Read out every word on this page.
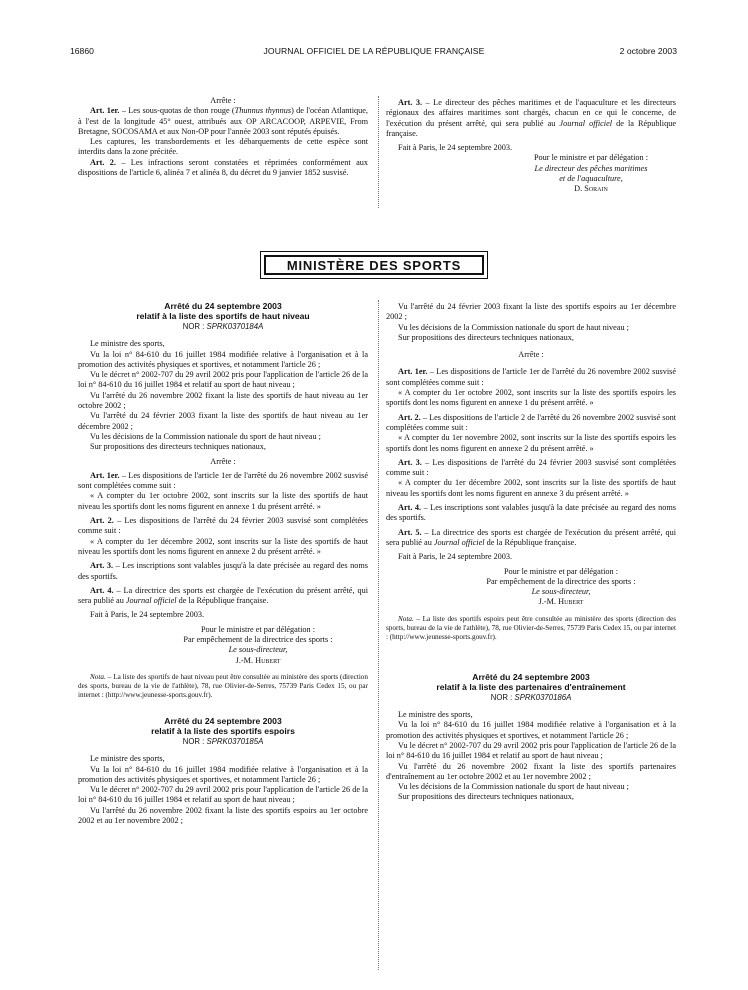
16860	JOURNAL OFFICIEL DE LA RÉPUBLIQUE FRANÇAISE	2 octobre 2003

Arrête :

Art. 1er. – Les sous-quotas de thon rouge (Thunnus thynnus) de l'océan Atlantique, à l'est de la longitude 45° ouest, attribués aux OP ARCACOOP, ARPEVIE, From Bretagne, SOCOSAMA et aux Non-OP pour l'année 2003 sont réputés épuisés.

Les captures, les transbordements et les débarquements de cette espèce sont interdits dans la zone précitée.

Art. 2. – Les infractions seront constatées et réprimées conformément aux dispositions de l'article 6, alinéa 7 et alinéa 8, du décret du 9 janvier 1852 susvisé.

Art. 3. – Le directeur des pêches maritimes et de l'aquaculture et les directeurs régionaux des affaires maritimes sont chargés, chacun en ce qui le concerne, de l'exécution du présent arrêté, qui sera publié au Journal officiel de la République française.

Fait à Paris, le 24 septembre 2003.

Pour le ministre et par délégation :

Le directeur des pêches maritimes

et de l'aquaculture,

D. Sorain

MINISTÈRE DES SPORTS

Arrêté du 24 septembre 2003

relatif à la liste des sportifs de haut niveau

NOR : SPRK0370184A

Le ministre des sports,

Vu la loi n° 84-610 du 16 juillet 1984 modifiée relative à l'organisation et à la promotion des activités physiques et sportives, et notamment l'article 26 ;

Vu le décret n° 2002-707 du 29 avril 2002 pris pour l'application de l'article 26 de la loi n° 84-610 du 16 juillet 1984 et relatif au sport de haut niveau ;

Vu l'arrêté du 26 novembre 2002 fixant la liste des sportifs de haut niveau au 1er octobre 2002 ;

Vu l'arrêté du 24 février 2003 fixant la liste des sportifs de haut niveau au 1er décembre 2002 ;

Vu les décisions de la Commission nationale du sport de haut niveau ;

Sur propositions des directeurs techniques nationaux,

Arrête :

Art. 1er. – Les dispositions de l'article 1er de l'arrêté du 26 novembre 2002 susvisé sont complétées comme suit :

« A compter du 1er octobre 2002, sont inscrits sur la liste des sportifs de haut niveau les sportifs dont les noms figurent en annexe 1 du présent arrêté. »

Art. 2. – Les dispositions de l'arrêté du 24 février 2003 susvisé sont complétées comme suit :

« A compter du 1er décembre 2002, sont inscrits sur la liste des sportifs de haut niveau les sportifs dont les noms figurent en annexe 2 du présent arrêté. »

Art. 3. – Les inscriptions sont valables jusqu'à la date précisée au regard des noms des sportifs.

Art. 4. – La directrice des sports est chargée de l'exécution du présent arrêté, qui sera publié au Journal officiel de la République française.

Fait à Paris, le 24 septembre 2003.

Pour le ministre et par délégation :

Par empêchement de la directrice des sports :

Le sous-directeur,

J.-M. Hubert

Nota. – La liste des sportifs de haut niveau peut être consultée au ministère des sports (direction des sports, bureau de la vie de l'athlète), 78, rue Olivier-de-Serres, 75739 Paris Cedex 15, ou par internet : (http://www.jeunesse-sports.gouv.fr).

Arrêté du 24 septembre 2003

relatif à la liste des sportifs espoirs

NOR : SPRK0370185A

Le ministre des sports,

Vu la loi n° 84-610 du 16 juillet 1984 modifiée relative à l'organisation et à la promotion des activités physiques et sportives, et notamment l'article 26 ;

Vu le décret n° 2002-707 du 29 avril 2002 pris pour l'application de l'article 26 de la loi n° 84-610 du 16 juillet 1984 et relatif au sport de haut niveau ;

Vu l'arrêté du 26 novembre 2002 fixant la liste des sportifs espoirs au 1er octobre 2002 et au 1er novembre 2002 ;

Vu l'arrêté du 24 février 2003 fixant la liste des sportifs espoirs au 1er décembre 2002 ;

Vu les décisions de la Commission nationale du sport de haut niveau ;

Sur propositions des directeurs techniques nationaux,

Arrête :

Art. 1er. – Les dispositions de l'article 1er de l'arrêté du 26 novembre 2002 susvisé sont complétées comme suit :

« A compter du 1er octobre 2002, sont inscrits sur la liste des sportifs espoirs les sportifs dont les noms figurent en annexe 1 du présent arrêté. »

Art. 2. – Les dispositions de l'article 2 de l'arrêté du 26 novembre 2002 susvisé sont complétées comme suit :

« A compter du 1er novembre 2002, sont inscrits sur la liste des sportifs espoirs les sportifs dont les noms figurent en annexe 2 du présent arrêté. »

Art. 3. – Les dispositions de l'arrêté du 24 février 2003 susvisé sont complétées comme suit :

« A compter du 1er décembre 2002, sont inscrits sur la liste des sportifs de haut niveau les sportifs dont les noms figurent en annexe 3 du présent arrêté. »

Art. 4. – Les inscriptions sont valables jusqu'à la date précisée au regard des noms des sportifs.

Art. 5. – La directrice des sports est chargée de l'exécution du présent arrêté, qui sera publié au Journal officiel de la République française.

Fait à Paris, le 24 septembre 2003.

Pour le ministre et par délégation :

Par empêchement de la directrice des sports :

Le sous-directeur,

J.-M. Hubert

Nota. – La liste des sportifs espoirs peut être consultée au ministère des sports (direction des sports, bureau de la vie de l'athlète), 78, rue Olivier-de-Serres, 75739 Paris Cedex 15, ou par internet : (http://www.jeunesse-sports.gouv.fr).

Arrêté du 24 septembre 2003

relatif à la liste des partenaires d'entraînement

NOR : SPRK0370186A

Le ministre des sports,

Vu la loi n° 84-610 du 16 juillet 1984 modifiée relative à l'organisation et à la promotion des activités physiques et sportives, et notamment l'article 26 ;

Vu le décret n° 2002-707 du 29 avril 2002 pris pour l'application de l'article 26 de la loi n° 84-610 du 16 juillet 1984 et relatif au sport de haut niveau ;

Vu l'arrêté du 26 novembre 2002 fixant la liste des sportifs partenaires d'entraînement au 1er octobre 2002 et au 1er novembre 2002 ;

Vu les décisions de la Commission nationale du sport de haut niveau ;

Sur propositions des directeurs techniques nationaux,
